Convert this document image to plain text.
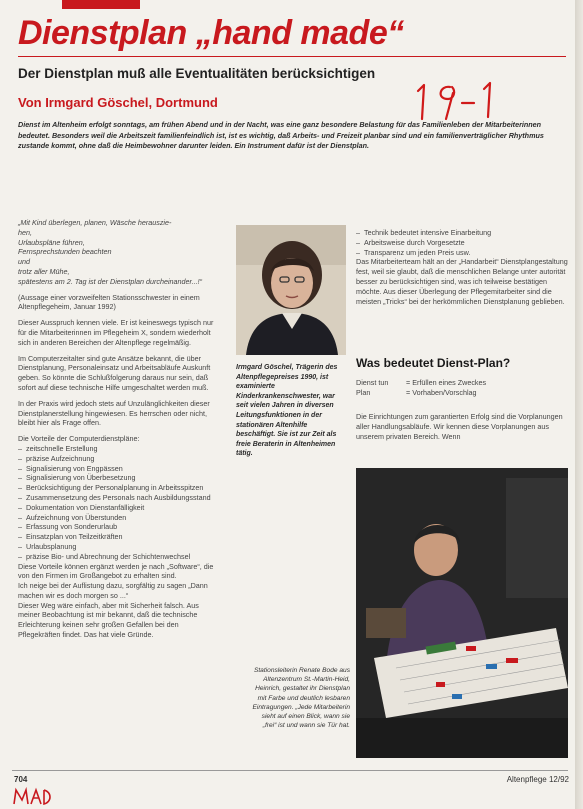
Dienstplan „hand made“
Der Dienstplan muß alle Eventualitäten berücksichtigen
Von Irmgard Göschel, Dortmund
Dienst im Altenheim erfolgt sonntags, am frühen Abend und in der Nacht, was eine ganz besondere Belastung für das Familienleben der Mitarbeiterinnen bedeutet. Besonders weil die Arbeitszeit familienfeindlich ist, ist es wichtig, daß Arbeits- und Freizeit planbar sind und ein familienverträglicher Rhythmus zustande kommt, ohne daß die Heimbewohner darunter leiden. Ein Instrument dafür ist der Dienstplan.
„Mit Kind überlegen, planen, Wäsche herauszie-
hen,
Urlaubspläne führen,
Fernsprechstunden beachten
und
trotz aller Mühe,
spätestens am 2. Tag ist der Dienstplan durcheinander...!“
(Aussage einer vorzweifelten Stationsschwester in einem Altenpflegeheim, Januar 1992)
Dieser Ausspruch kennen viele. Er ist keineswegs typisch nur für die Mitarbeiterinnen im Pflegeheim X, sondern wiederholt sich in anderen Bereichen der Altenpflege regelmäßig.
Im Computerzeitalter sind gute Ansätze bekannt, die über Dienstplanung, Personaleinsatz und Arbeitsabläufe Auskunft geben. So könnte die Schlußfolgerung daraus nur sein, daß sofort auf diese technische Hilfe umgeschaltet werden muß.
In der Praxis wird jedoch stets auf Unzulänglichkeiten dieser Dienstplanerstellung hingewiesen. Es herrschen oder nicht, bleibt hier als Frage offen.
Die Vorteile der Computerdienstpläne:
– zeitschnelle Erstellung
– präzise Aufzeichnung
– Signalisierung von Engpässen
– Signalisierung von Überbesetzung
– Berücksichtigung der Personalplanung in Arbeitsspitzen
– Zusammensetzung des Personals nach Ausbildungsstand
– Dokumentation von Dienstanfälligkeit
– Aufzeichnung von Überstunden
– Erfassung von Sonderurlaub
– Einsatzplan von Teilzeitkräften
– Urlaubsplanung
– präzise Bio- und Abrechnung der Schichtenwechsel
Diese Vorteile können ergänzt werden je nach „Software“, die von den Firmen im Großangebot zu erhalten sind.
Ich neige bei der Auflistung dazu, sorgfältig zu sagen „Dann machen wir es doch morgen so ...“
Dieser Weg wäre einfach, aber mit Sicherheit falsch. Aus meiner Beobachtung ist mir bekannt, daß die technische Erleichterung keinen sehr großen Gefallen bei den Pflegekräften findet. Das hat viele Gründe.
Irmgard Göschel, Trägerin des Altenpflegepreises 1990, ist examinierte Kinderkrankenschwester, war seit vielen Jahren in diversen Leitungsfunktionen in der stationären Altenhilfe beschäftigt. Sie ist zur Zeit als freie Beraterin in Altenheimen tätig.
– Technik bedeutet intensive Einarbeitung
– Arbeitsweise durch Vorgesetzte
– Transparenz um jeden Preis usw.
Das Mitarbeiterteam hält an der „Handarbeit“ Dienstplangestaltung fest, weil sie glaubt, daß die menschlichen Belange unter autorität besser zu berücksichtigen sind, was ich teilweise bestätigen möchte. Aus dieser Überlegung der Pflegemitarbeiter sind die meisten „Tricks“ bei der herkömmlichen Dienstplanung geblieben.
Was bedeutet Dienst-Plan?
Dienst tun	= Erfüllen eines Zweckes
Plan	= Vorhaben/Vorschlag
Die Einrichtungen zum garantierten Erfolg sind die Vorplanungen aller Handlungsabläufe. Wir kennen diese Vorplanungen aus unserem privaten Bereich. Wenn
Stationsleiterin Renate Bode aus Altenzentrum St.-Martin-Heid, Heinrich, gestaltet ihr Dienstplan mit Farbe und deutlich lesbaren Eintragungen. „Jede Mitarbeiterin sieht auf einen Blick, wann sie „frei“ ist und wann sie Tür hat.
704	Altenpflege 12/92
